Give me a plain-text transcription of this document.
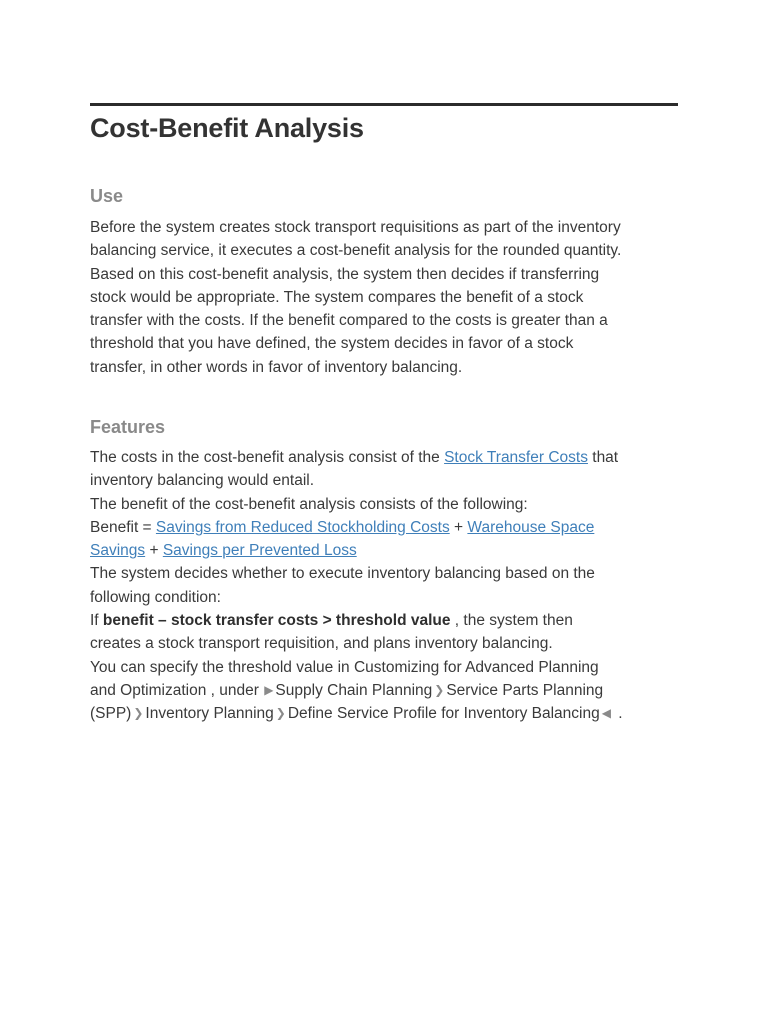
Cost-Benefit Analysis
Use
Before the system creates stock transport requisitions as part of the inventory
balancing service, it executes a cost-benefit analysis for the rounded quantity.
Based on this cost-benefit analysis, the system then decides if transferring
stock would be appropriate. The system compares the benefit of a stock
transfer with the costs. If the benefit compared to the costs is greater than a
threshold that you have defined, the system decides in favor of a stock
transfer, in other words in favor of inventory balancing.
Features
The costs in the cost-benefit analysis consist of the Stock Transfer Costs that
inventory balancing would entail.
The benefit of the cost-benefit analysis consists of the following:
Benefit = Savings from Reduced Stockholding Costs + Warehouse Space
Savings + Savings per Prevented Loss
The system decides whether to execute inventory balancing based on the
following condition:
If benefit – stock transfer costs > threshold value , the system then
creates a stock transport requisition, and plans inventory balancing.
You can specify the threshold value in Customizing for Advanced Planning
and Optimization , under ▶ Supply Chain Planning ❯ Service Parts Planning
(SPP) ❯ Inventory Planning ❯ Define Service Profile for Inventory Balancing ◀ .
